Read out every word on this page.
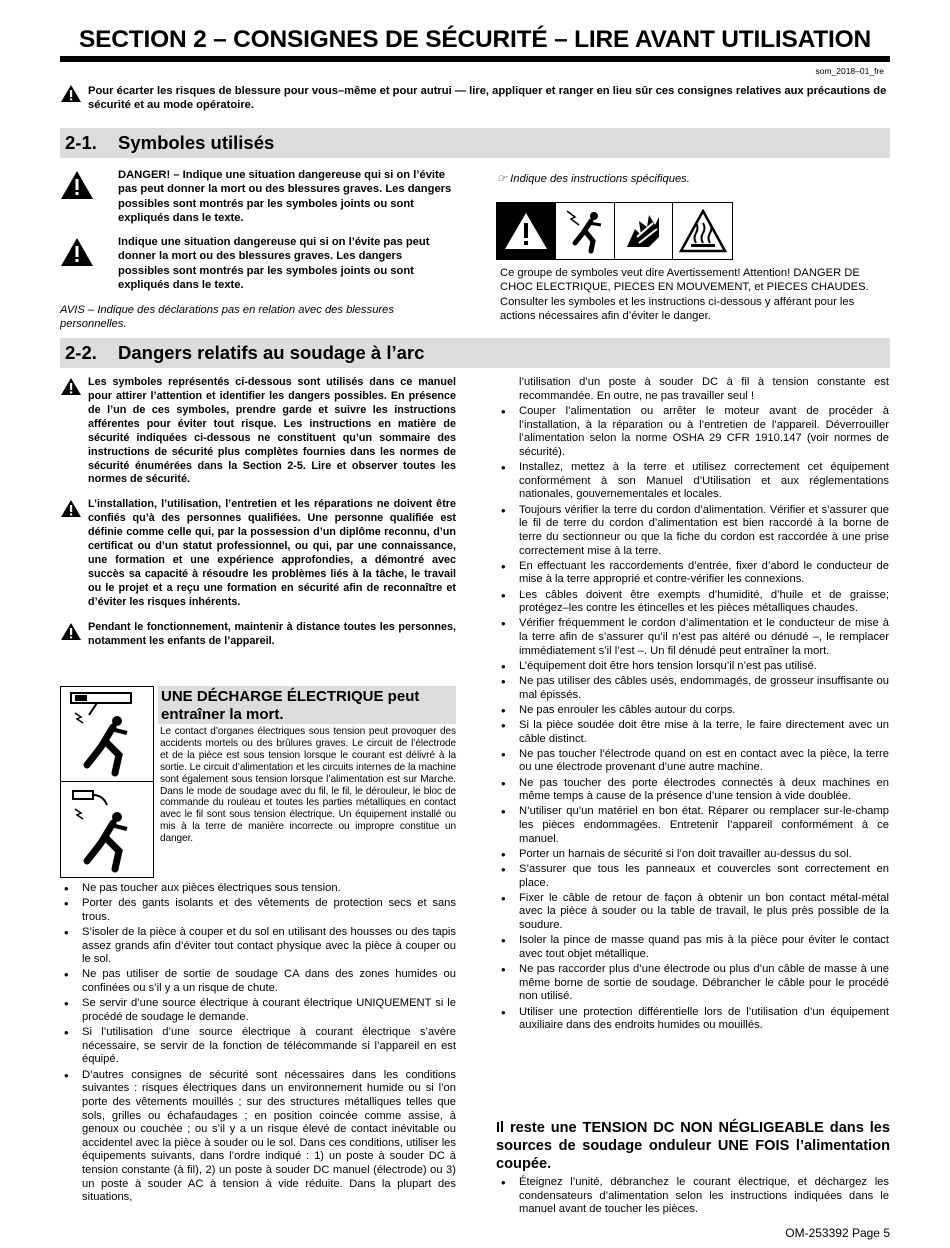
SECTION 2 – CONSIGNES DE SÉCURITÉ – LIRE AVANT UTILISATION
som_2018–01_fre

Pour écarter les risques de blessure pour vous–même et pour autrui — lire, appliquer et ranger en lieu sûr ces consignes relatives aux précautions de sécurité et au mode opératoire.

2-1. Symboles utilisés

DANGER! – Indique une situation dangereuse qui si on l’évite pas peut donner la mort ou des blessures graves. Les dangers possibles sont montrés par les symboles joints ou sont expliqués dans le texte.

Indique une situation dangereuse qui si on l’évite pas peut donner la mort ou des blessures graves. Les dangers possibles sont montrés par les symboles joints ou sont expliqués dans le texte.

AVIS – Indique des déclarations pas en relation avec des blessures personnelles.
☞ Indique des instructions spécifiques.
Ce groupe de symboles veut dire Avertissement! Attention! DANGER DE CHOC ELECTRIQUE, PIECES EN MOUVEMENT, et PIECES CHAUDES. Consulter les symboles et les instructions ci-dessous y afférant pour les actions nécessaires afin d’éviter le danger.
2-2. Dangers relatifs au soudage à l’arc
Les symboles représentés ci-dessous sont utilisés dans ce manuel pour attirer l’attention et identifier les dangers possibles. En présence de l’un de ces symboles, prendre garde et suivre les instructions afférentes pour éviter tout risque. Les instructions en matière de sécurité indiquées ci-dessous ne constituent qu’un sommaire des instructions de sécurité plus complètes fournies dans les normes de sécurité énumérées dans la Section 2-5. Lire et observer toutes les normes de sécurité.
L’installation, l’utilisation, l’entretien et les réparations ne doivent être confiés qu’à des personnes qualifiées. Une personne qualifiée est définie comme celle qui, par la possession d’un diplôme reconnu, d’un certificat ou d’un statut professionnel, ou qui, par une connaissance, une formation et une expérience approfondies, a démontré avec succès sa capacité à résoudre les problèmes liés à la tâche, le travail ou le projet et a reçu une formation en sécurité afin de reconnaître et d’éviter les risques inhérents.
Pendant le fonctionnement, maintenir à distance toutes les personnes, notamment les enfants de l’appareil.
UNE DÉCHARGE ÉLECTRIQUE peut entraîner la mort.
Le contact d’organes électriques sous tension peut provoquer des accidents mortels ou des brûlures graves. Le circuit de l’électrode et de la pièce est sous tension lorsque le courant est délivré à la sortie. Le circuit d’alimentation et les circuits internes de la machine sont également sous tension lorsque l’alimentation est sur Marche. Dans le mode de soudage avec du fil, le fil, le dérouleur, le bloc de commande du rouleau et toutes les parties métalliques en contact avec le fil sont sous tension électrique. Un équipement installé ou mis à la terre de manière incorrecte ou impropre constitue un danger.
• Ne pas toucher aux pièces électriques sous tension.
• Porter des gants isolants et des vêtements de protection secs et sans trous.
• S’isoler de la pièce à couper et du sol en utilisant des housses ou des tapis assez grands afin d’éviter tout contact physique avec la pièce à couper ou le sol.
• Ne pas utiliser de sortie de soudage CA dans des zones humides ou confinées ou s’il y a un risque de chute.
• Se servir d’une source électrique à courant électrique UNIQUEMENT si le procédé de soudage le demande.
• Si l’utilisation d’une source électrique à courant électrique s’avère nécessaire, se servir de la fonction de télécommande si l’appareil en est équipé.
• D’autres consignes de sécurité sont nécessaires dans les conditions suivantes : risques électriques dans un environnement humide ou si l’on porte des vêtements mouillés ; sur des structures métalliques telles que sols, grilles ou échafaudages ; en position coincée comme assise, à genoux ou couchée ; ou s’il y a un risque élevé de contact inévitable ou accidentel avec la pièce à souder ou le sol. Dans ces conditions, utiliser les équipements suivants, dans l’ordre indiqué : 1) un poste à souder DC à tension constante (à fil), 2) un poste à souder DC manuel (électrode) ou 3) un poste à souder AC à tension à vide réduite. Dans la plupart des situations,
l’utilisation d’un poste à souder DC à fil à tension constante est recommandée. En outre, ne pas travailler seul !
• Couper l’alimentation ou arrêter le moteur avant de procéder à l’installation, à la réparation ou à l’entretien de l’appareil. Déverrouiller l’alimentation selon la norme OSHA 29 CFR 1910.147 (voir normes de sécurité).
• Installez, mettez à la terre et utilisez correctement cet équipement conformément à son Manuel d’Utilisation et aux réglementations nationales, gouvernementales et locales.
• Toujours vérifier la terre du cordon d’alimentation. Vérifier et s’assurer que le fil de terre du cordon d’alimentation est bien raccordé à la borne de terre du sectionneur ou que la fiche du cordon est raccordée à une prise correctement mise à la terre.
• En effectuant les raccordements d’entrée, fixer d’abord le conducteur de mise à la terre approprié et contre-vérifier les connexions.
• Les câbles doivent être exempts d’humidité, d’huile et de graisse; protégez–les contre les étincelles et les pièces métalliques chaudes.
• Vérifier fréquemment le cordon d’alimentation et le conducteur de mise à la terre afin de s’assurer qu’il n’est pas altéré ou dénudé –, le remplacer immédiatement s’il l’est –. Un fil dénudé peut entraîner la mort.
• L’équipement doit être hors tension lorsqu’il n’est pas utilisé.
• Ne pas utiliser des câbles usés, endommagés, de grosseur insuffisante ou mal épissés.
• Ne pas enrouler les câbles autour du corps.
• Si la pièce soudée doit être mise à la terre, le faire directement avec un câble distinct.
• Ne pas toucher l’électrode quand on est en contact avec la pièce, la terre ou une électrode provenant d’une autre machine.
• Ne pas toucher des porte électrodes connectés à deux machines en même temps à cause de la présence d’une tension à vide doublée.
• N’utiliser qu’un matériel en bon état. Réparer ou remplacer sur-le-champ les pièces endommagées. Entretenir l’appareil conformément à ce manuel.
• Porter un harnais de sécurité si l’on doit travailler au-dessus du sol.
• S’assurer que tous les panneaux et couvercles sont correctement en place.
• Fixer le câble de retour de façon à obtenir un bon contact métal-métal avec la pièce à souder ou la table de travail, le plus près possible de la soudure.
• Isoler la pince de masse quand pas mis à la pièce pour éviter le contact avec tout objet métallique.
• Ne pas raccorder plus d’une électrode ou plus d’un câble de masse à une même borne de sortie de soudage. Débrancher le câble pour le procédé non utilisé.
• Utiliser une protection différentielle lors de l’utilisation d’un équipement auxiliaire dans des endroits humides ou mouillés.
Il reste une TENSION DC NON NÉGLIGEABLE dans les sources de soudage onduleur UNE FOIS l’alimentation coupée.
• Éteignez l’unité, débranchez le courant électrique, et déchargez les condensateurs d’alimentation selon les instructions indiquées dans le manuel avant de toucher les pièces.
OM-253392 Page 5
